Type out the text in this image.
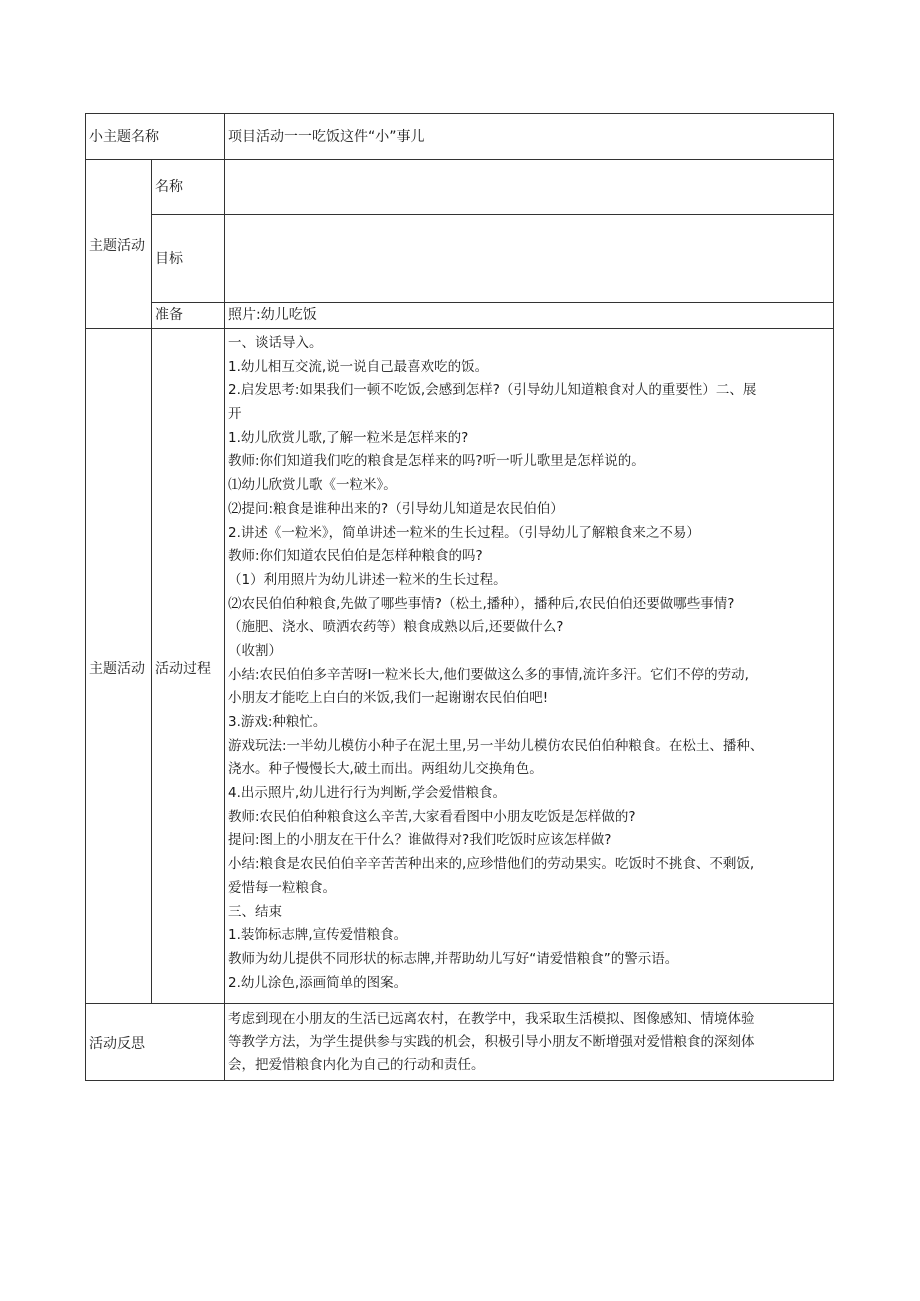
小主题名称	项目活动一一吃饭这件“小”事儿
主题活动
名称
目标
准备	照片:幼儿吃饭
主题活动 活动过程
一、谈话导入。
1.幼儿相互交流,说一说自己最喜欢吃的饭。
2.启发思考:如果我们一顿不吃饭,会感到怎样?（引导幼儿知道粮食对人的重要性）二、展
开
1.幼儿欣赏儿歌,了解一粒米是怎样来的?
教师:你们知道我们吃的粮食是怎样来的吗?听一听儿歌里是怎样说的。
⑴幼儿欣赏儿歌《一粒米》。
⑵提问:粮食是谁种出来的?（引导幼儿知道是农民伯伯）
2.讲述《一粒米》，简单讲述一粒米的生长过程。（引导幼儿了解粮食来之不易）
教师:你们知道农民伯伯是怎样种粮食的吗?
（1）利用照片为幼儿讲述一粒米的生长过程。
⑵农民伯伯种粮食,先做了哪些事情?（松土,播种），播种后,农民伯伯还要做哪些事情?
（施肥、浇水、喷洒农药等）粮食成熟以后,还要做什么?
（收割）
小结:农民伯伯多辛苦呀I一粒米长大,他们要做这么多的事情,流许多汗。它们不停的劳动,
小朋友才能吃上白白的米饭,我们一起谢谢农民伯伯吧!
3.游戏:种粮忙。
游戏玩法:一半幼儿模仿小种子在泥土里,另一半幼儿模仿农民伯伯种粮食。在松土、播种、
浇水。种子慢慢长大,破土而出。两组幼儿交换角色。
4.出示照片,幼儿进行行为判断,学会爱惜粮食。
教师:农民伯伯种粮食这么辛苦,大家看看图中小朋友吃饭是怎样做的?
提问:图上的小朋友在干什么？谁做得对?我们吃饭时应该怎样做?
小结:粮食是农民伯伯辛辛苦苦种出来的,应珍惜他们的劳动果实。吃饭时不挑食、不剩饭,
爱惜每一粒粮食。
三、结束
1.装饰标志牌,宣传爱惜粮食。
教师为幼儿提供不同形状的标志牌,并帮助幼儿写好“请爱惜粮食”的警示语。
2.幼儿涂色,添画简单的图案。
活动反思
考虑到现在小朋友的生活已远离农村，在教学中，我采取生活模拟、图像感知、情境体验
等教学方法，为学生提供参与实践的机会，积极引导小朋友不断增强对爱惜粮食的深刻体
会，把爱惜粮食内化为自己的行动和责任。
